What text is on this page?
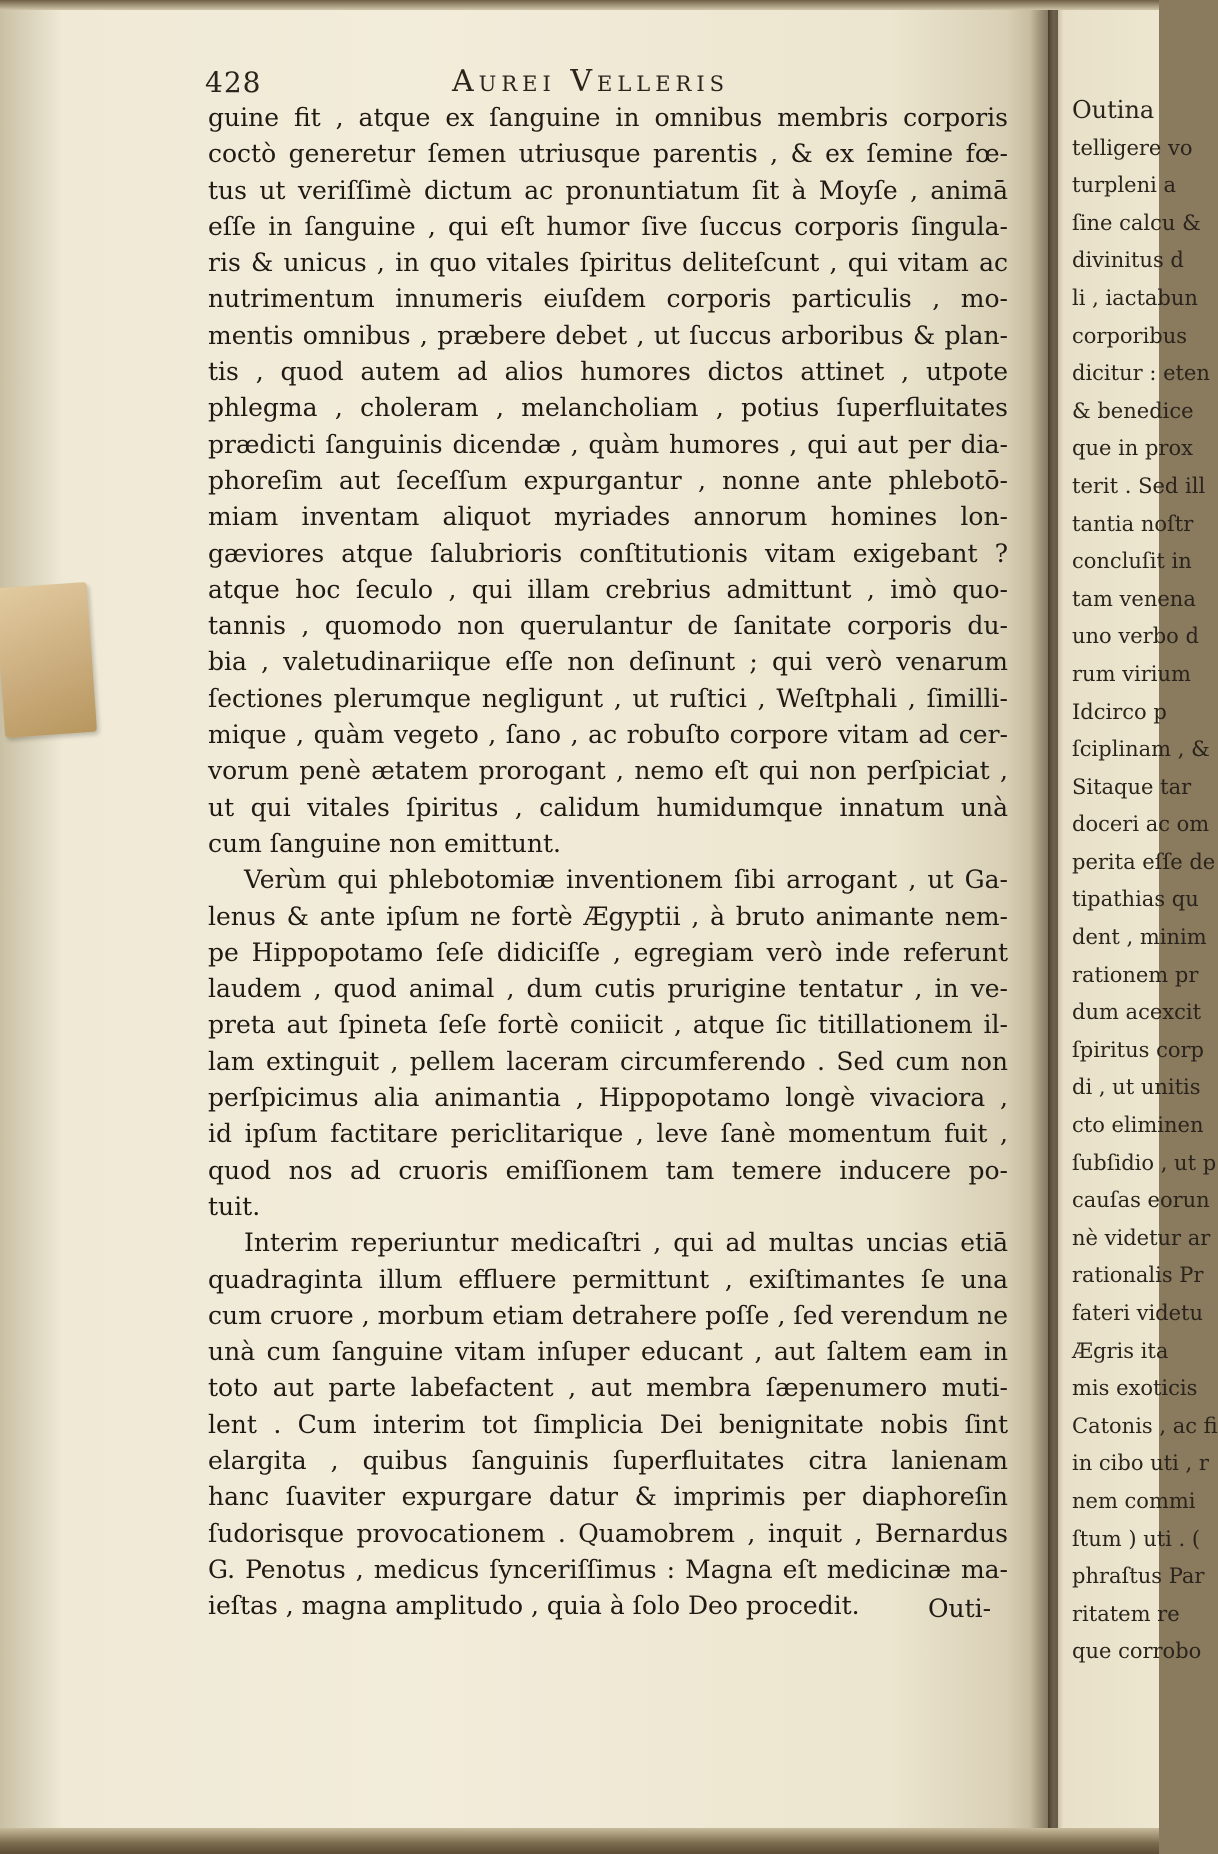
428	Aurei Velleris
guine fit , atque ex ſanguine in omnibus membris corporis
coctò generetur ſemen utriusque parentis , & ex ſemine fœ-
tus ut veriſſimè dictum ac pronuntiatum ſit à Moyſe , animā
eſſe in ſanguine , qui eſt humor ſive ſuccus corporis ſingula-
ris & unicus , in quo vitales ſpiritus deliteſcunt , qui vitam ac
nutrimentum innumeris eiuſdem corporis particulis , mo-
mentis omnibus , præbere debet , ut ſuccus arboribus & plan-
tis , quod autem ad alios humores dictos attinet , utpote
phlegma , choleram , melancholiam , potius ſuperfluitates
prædicti ſanguinis dicendæ , quàm humores , qui aut per dia-
phoreſim aut ſeceſſum expurgantur , nonne ante phlebotō-
miam inventam aliquot myriades annorum homines lon-
gæviores atque ſalubrioris conſtitutionis vitam exigebant ?
atque hoc ſeculo , qui illam crebrius admittunt , imò quo-
tannis , quomodo non querulantur de ſanitate corporis du-
bia , valetudinariique eſſe non deſinunt ; qui verò venarum
ſectiones plerumque negligunt , ut ruſtici , Weſtphali , ſimilli-
mique , quàm vegeto , ſano , ac robuſto corpore vitam ad cer-
vorum penè ætatem prorogant , nemo eſt qui non perſpiciat ,
ut qui vitales ſpiritus , calidum humidumque innatum unà
cum ſanguine non emittunt.
Verùm qui phlebotomiæ inventionem ſibi arrogant , ut Ga-
lenus & ante ipſum ne fortè Ægyptii , à bruto animante nem-
pe Hippopotamo ſeſe didiciſſe , egregiam verò inde referunt
laudem , quod animal , dum cutis prurigine tentatur , in ve-
preta aut ſpineta ſeſe fortè coniicit , atque ſic titillationem il-
lam extinguit , pellem laceram circumferendo . Sed cum non
perſpicimus alia animantia , Hippopotamo longè vivaciora ,
id ipſum factitare periclitarique , leve ſanè momentum fuit ,
quod nos ad cruoris emiſſionem tam temere inducere po-
tuit.
Interim reperiuntur medicaſtri , qui ad multas uncias etiā
quadraginta illum effluere permittunt , exiſtimantes ſe una
cum cruore , morbum etiam detrahere poſſe , ſed verendum ne
unà cum ſanguine vitam inſuper educant , aut ſaltem eam in
toto aut parte labefactent , aut membra ſæpenumero muti-
lent . Cum interim tot ſimplicia Dei benignitate nobis ſint
elargita , quibus ſanguinis ſuperfluitates citra lanienam
hanc ſuaviter expurgare datur & imprimis per diaphoreſin
ſudorisque provocationem . Quamobrem , inquit , Bernardus
G. Penotus , medicus ſynceriſſimus : Magna eſt medicinæ ma-
ieſtas , magna amplitudo , quia à ſolo Deo procedit.	Outi-
Outina
telligere vo
turpleni a
ſine calcu &
divinitus d
li , iactabun
corporibus
dicitur : eten
& benedice
que in prox
terit . Sed ill
tantia noſtr
concluſit in
tam venena
uno verbo d
rum virium
Idcirco p
ſciplinam , &
Sitaque tar
doceri ac om
perita eſſe de
tipathias qu
dent , minim
rationem pr
dum acexcit
ſpiritus corp
di , ut unitis
cto eliminen
ſubſidio , ut p
cauſas eorun
nè videtur ar
rationalis Pr
fateri videtu
Ægris ita
mis exoticis
Catonis , ac fi
in cibo uti , r
nem commi
ſtum ) uti . (
phraſtus Par
ritatem re
que corrobo
